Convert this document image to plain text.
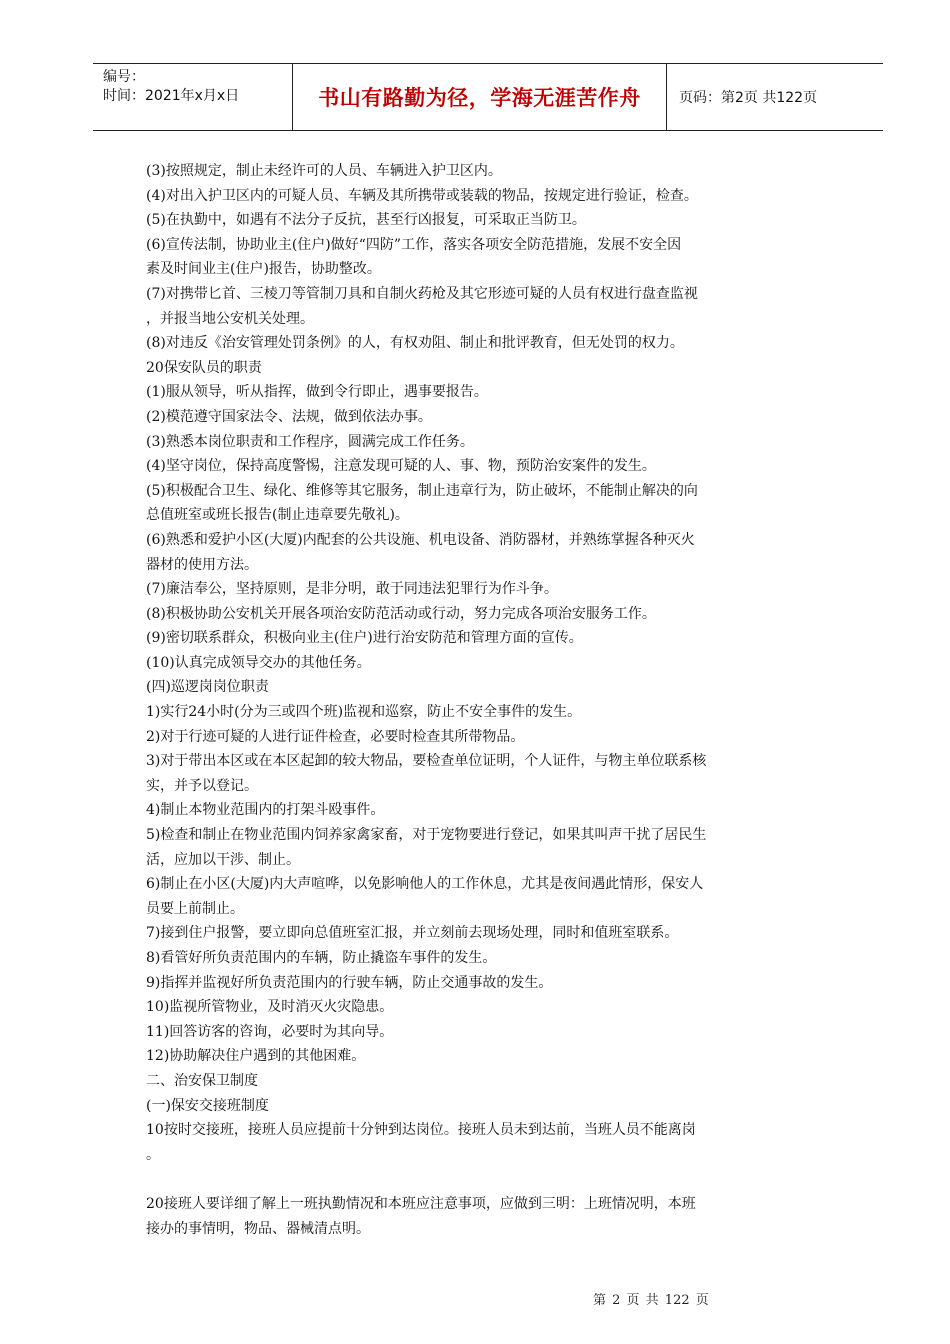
编号：
时间：2021年x月x日	书山有路勤为径，学海无涯苦作舟	页码：第2页 共122页
(3)按照规定，制止未经许可的人员、车辆进入护卫区内。
(4)对出入护卫区内的可疑人员、车辆及其所携带或装载的物品，按规定进行验证，检查。
(5)在执勤中，如遇有不法分子反抗，甚至行凶报复，可采取正当防卫。
(6)宣传法制，协助业主(住户)做好“四防”工作，落实各项安全防范措施，发展不安全因
素及时间业主(住户)报告，协助整改。
(7)对携带匕首、三棱刀等管制刀具和自制火药枪及其它形迹可疑的人员有权进行盘查监视
，并报当地公安机关处理。
(8)对违反《治安管理处罚条例》的人，有权劝阻、制止和批评教育，但无处罚的权力。
20保安队员的职责
(1)服从领导，听从指挥，做到令行即止，遇事要报告。
(2)模范遵守国家法令、法规，做到依法办事。
(3)熟悉本岗位职责和工作程序，圆满完成工作任务。
(4)坚守岗位，保持高度警惕，注意发现可疑的人、事、物，预防治安案件的发生。
(5)积极配合卫生、绿化、维修等其它服务，制止违章行为，防止破坏，不能制止解决的向
总值班室或班长报告(制止违章要先敬礼)。
(6)熟悉和爱护小区(大厦)内配套的公共设施、机电设备、消防器材，并熟练掌握各种灭火
器材的使用方法。
(7)廉洁奉公，坚持原则，是非分明，敢于同违法犯罪行为作斗争。
(8)积极协助公安机关开展各项治安防范活动或行动，努力完成各项治安服务工作。
(9)密切联系群众，积极向业主(住户)进行治安防范和管理方面的宣传。
(10)认真完成领导交办的其他任务。
(四)巡逻岗岗位职责
1)实行24小时(分为三或四个班)监视和巡察，防止不安全事件的发生。
2)对于行迹可疑的人进行证件检查，必要时检查其所带物品。
3)对于带出本区或在本区起卸的较大物品，要检查单位证明，个人证件，与物主单位联系核
实，并予以登记。
4)制止本物业范围内的打架斗殴事件。
5)检查和制止在物业范围内饲养家禽家畜，对于宠物要进行登记，如果其叫声干扰了居民生
活，应加以干涉、制止。
6)制止在小区(大厦)内大声喧哗，以免影响他人的工作休息，尤其是夜间遇此情形，保安人
员要上前制止。
7)接到住户报警，要立即向总值班室汇报，并立刻前去现场处理，同时和值班室联系。
8)看管好所负责范围内的车辆，防止撬盗车事件的发生。
9)指挥并监视好所负责范围内的行驶车辆，防止交通事故的发生。
10)监视所管物业，及时消灭火灾隐患。
11)回答访客的咨询，必要时为其向导。
12)协助解决住户遇到的其他困难。
二、治安保卫制度
(一)保安交接班制度
10按时交接班，接班人员应提前十分钟到达岗位。接班人员未到达前，当班人员不能离岗
。
20接班人要详细了解上一班执勤情况和本班应注意事项，应做到三明：上班情况明，本班
接办的事情明，物品、器械清点明。
第 2 页 共 122 页
